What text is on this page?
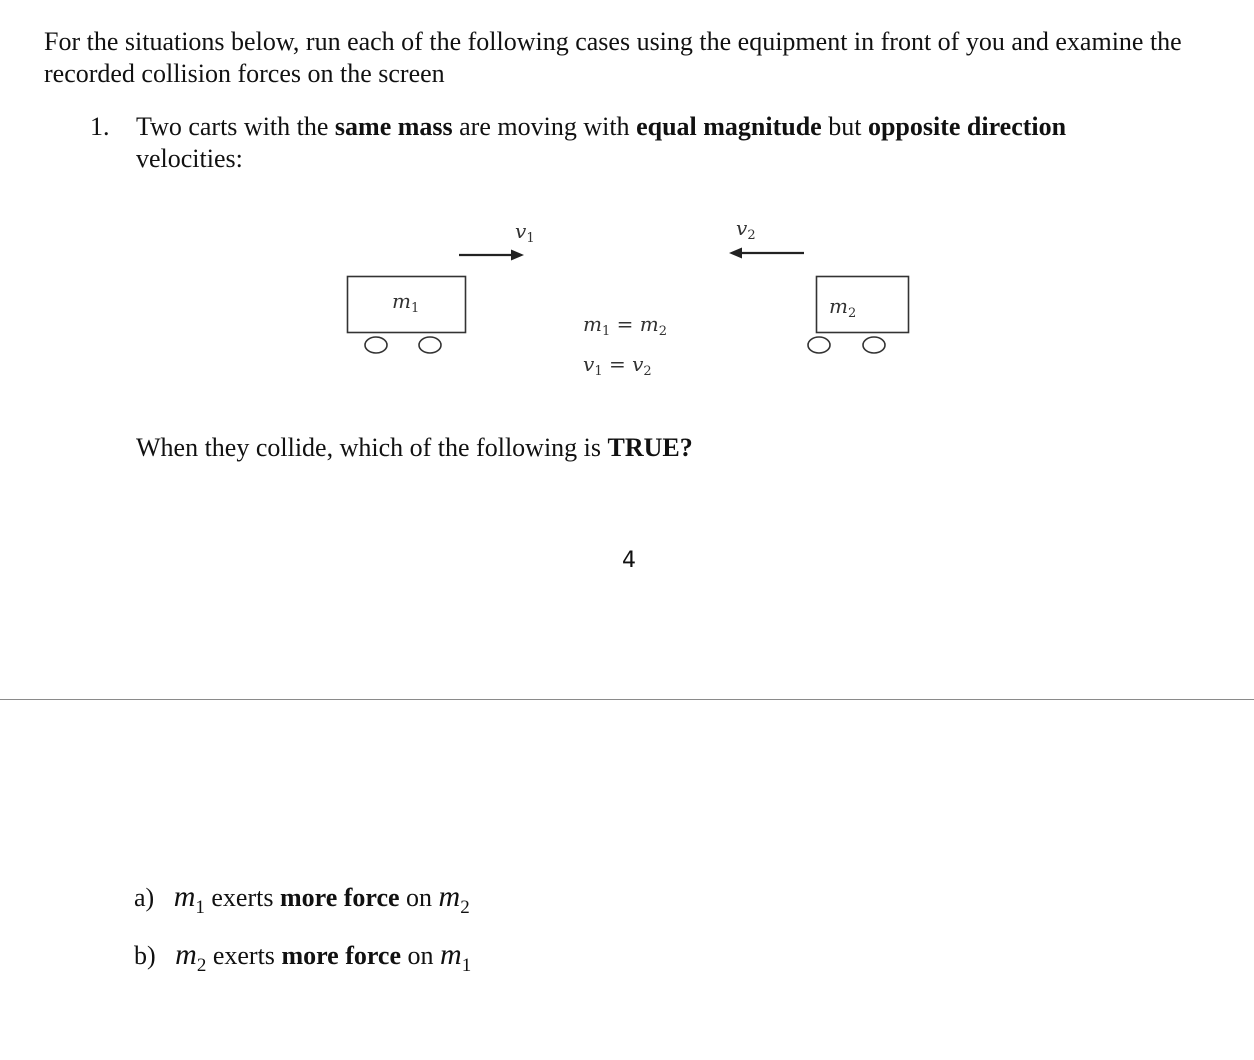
For the situations below, run each of the following cases using the equipment in front of you and examine the recorded collision forces on the screen
1. Two carts with the same mass are moving with equal magnitude but opposite direction velocities:
$v_1$	$v_2$
$m_1$	$m_2$
$m_1 = m_2$
$v_1 = v_2$
When they collide, which of the following is TRUE?
4
a) $m_1$ exerts more force on $m_2$
b) $m_2$ exerts more force on $m_1$
